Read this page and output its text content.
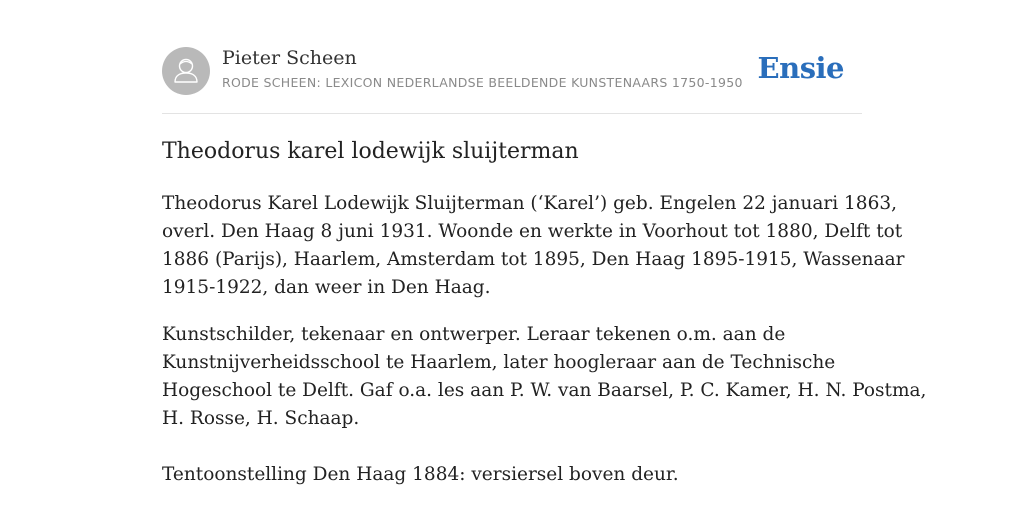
Pieter Scheen
RODE SCHEEN: LEXICON NEDERLANDSE BEELDENDE KUNSTENAARS 1750-1950 Ensie
Theodorus karel lodewijk sluijterman

Theodorus Karel Lodewijk Sluijterman (‘Karel’) geb. Engelen 22 januari 1863,
overl. Den Haag 8 juni 1931. Woonde en werkte in Voorhout tot 1880, Delft tot
1886 (Parijs), Haarlem, Amsterdam tot 1895, Den Haag 1895-1915, Wassenaar
1915-1922, dan weer in Den Haag.

Kunstschilder, tekenaar en ontwerper. Leraar tekenen o.m. aan de
Kunstnijverheidsschool te Haarlem, later hoogleraar aan de Technische
Hogeschool te Delft. Gaf o.a. les aan P. W. van Baarsel, P. C. Kamer, H. N. Postma,
H. Rosse, H. Schaap.

Tentoonstelling Den Haag 1884: versiersel boven deur.
